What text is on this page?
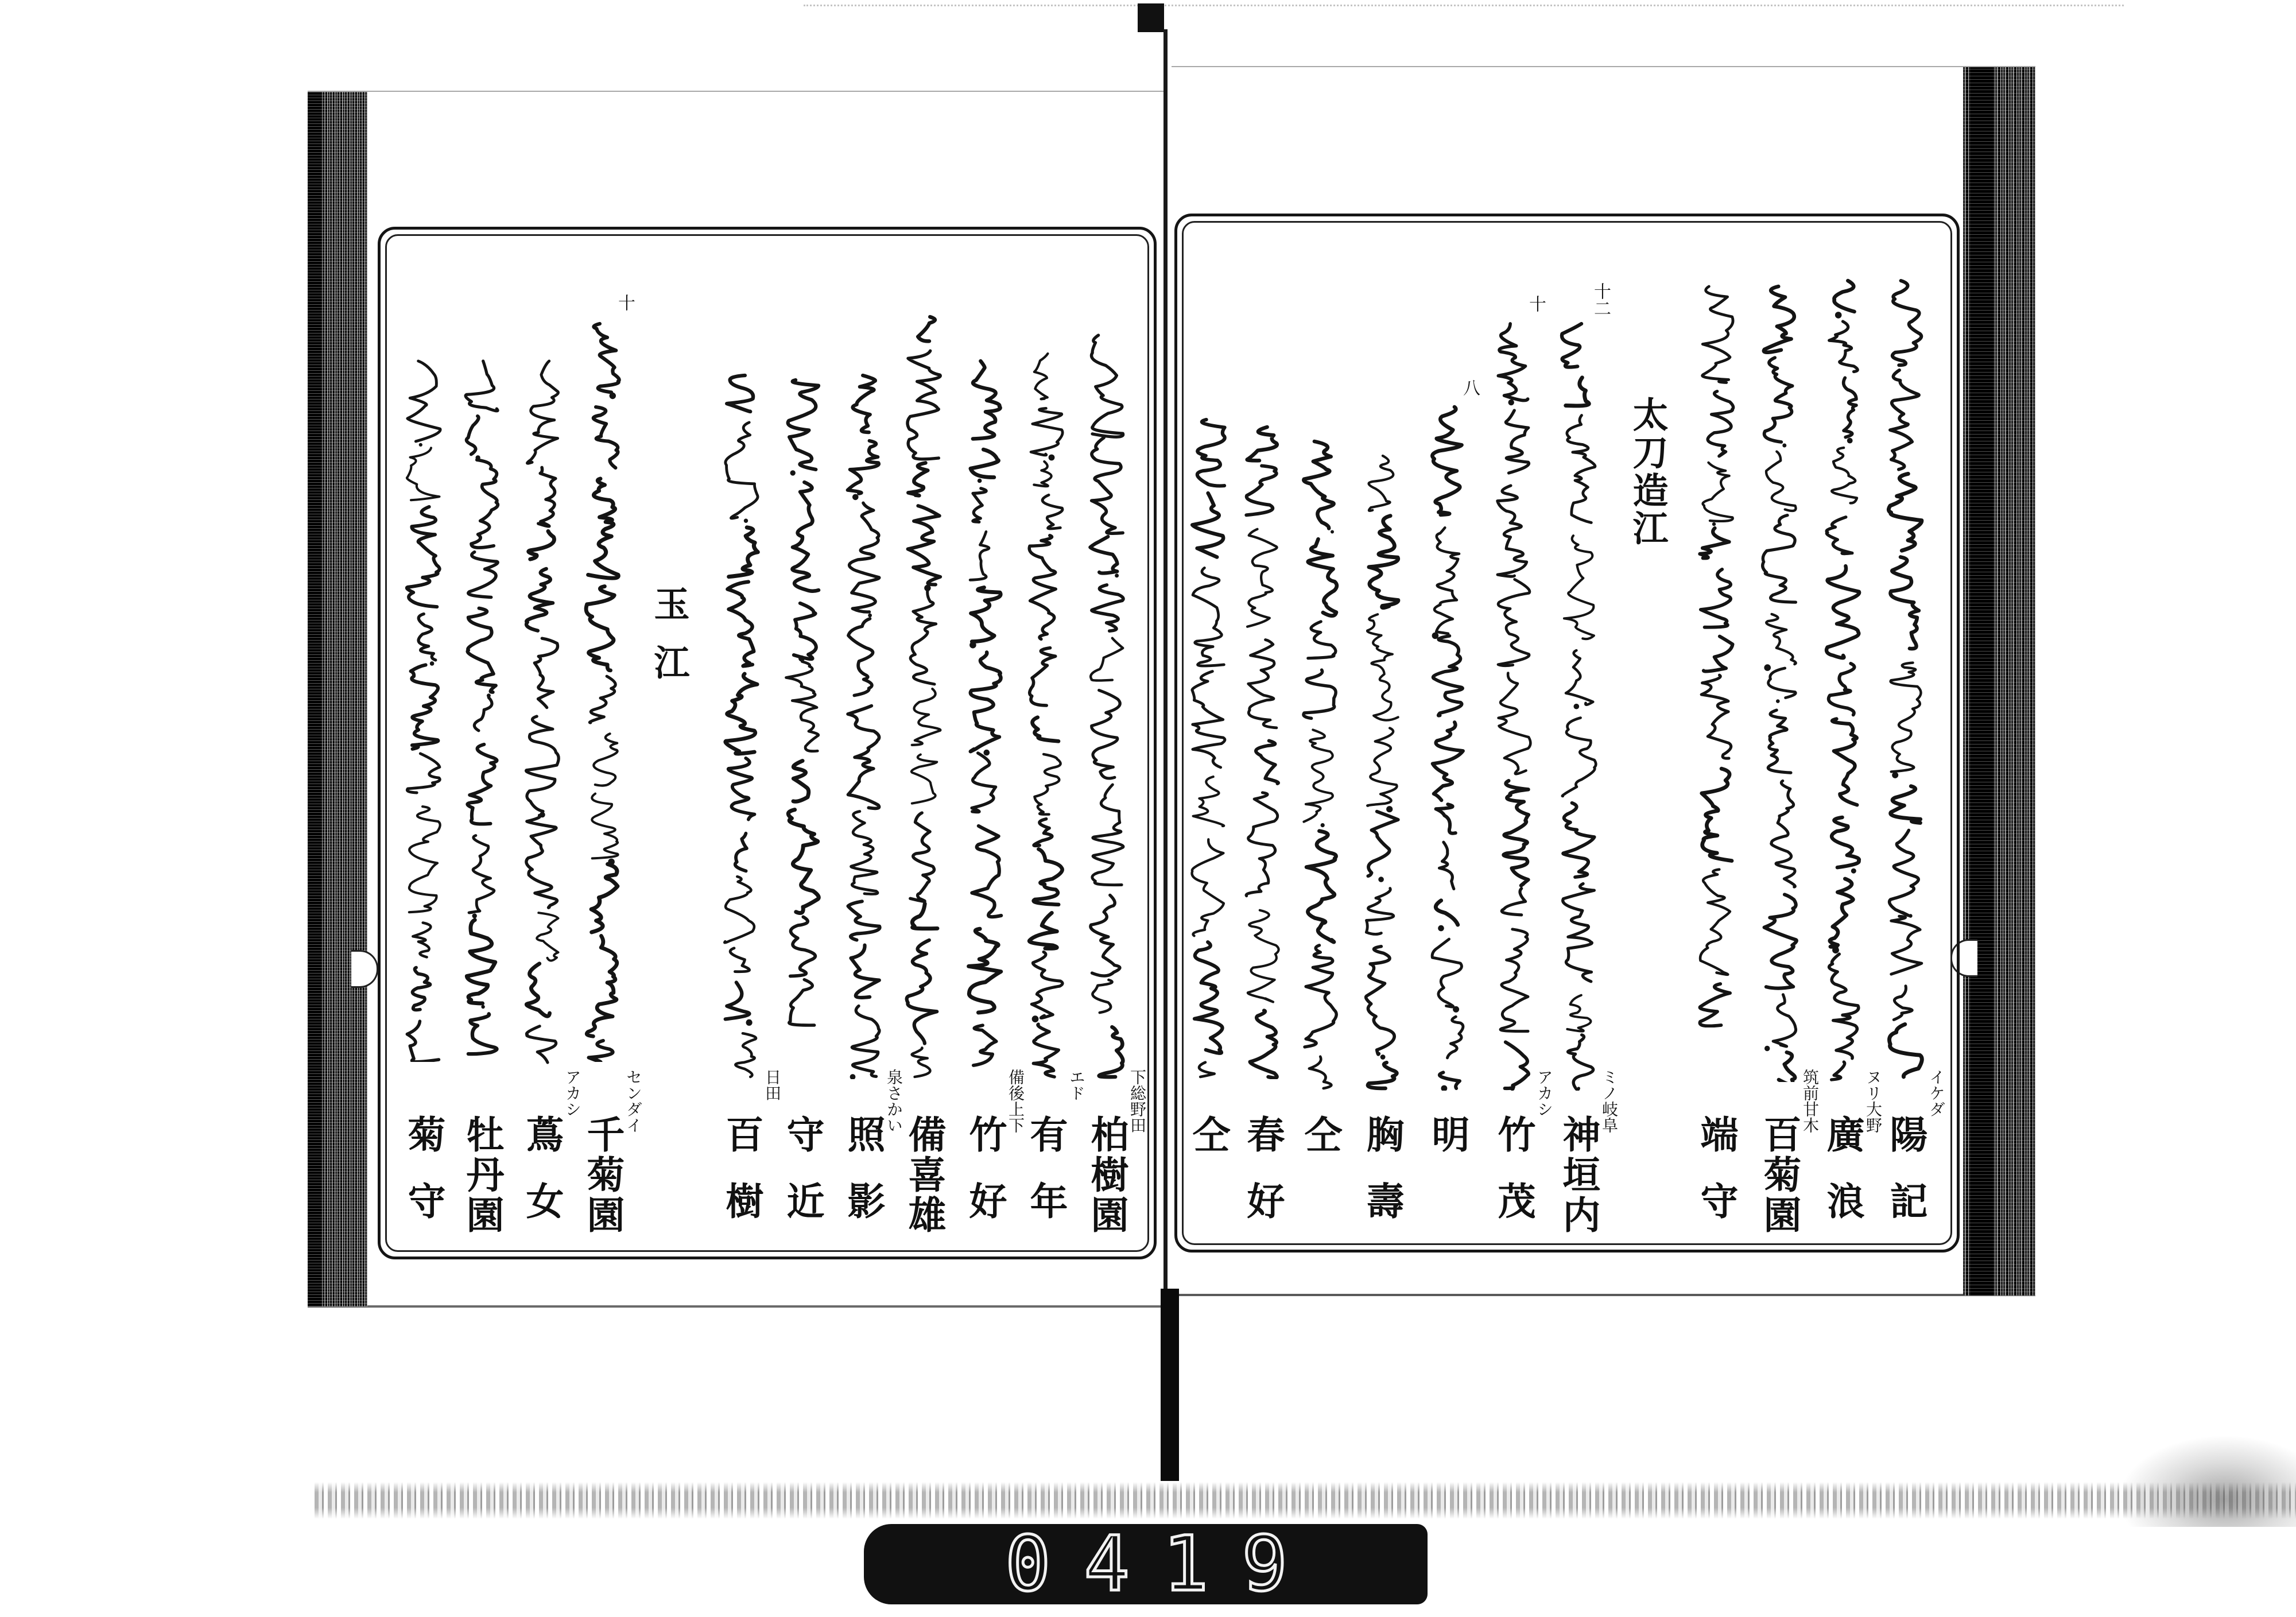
イケダ
陽記
ヌリ大野
廣浪
筑前甘木
百菊園
端守
太刀造江
十二
ミノ岐阜
神垣内
十
アカシ
竹茂
八
明
胸壽
仝
春好
仝
下総野田
柏樹園
エド
有年
備後上下
竹好
備喜雄
泉さかい
照影
守近
日田
百樹
玉江
十
センダイ
千菊園
アカシ
蔦女
牡丹園
菊守
0419
